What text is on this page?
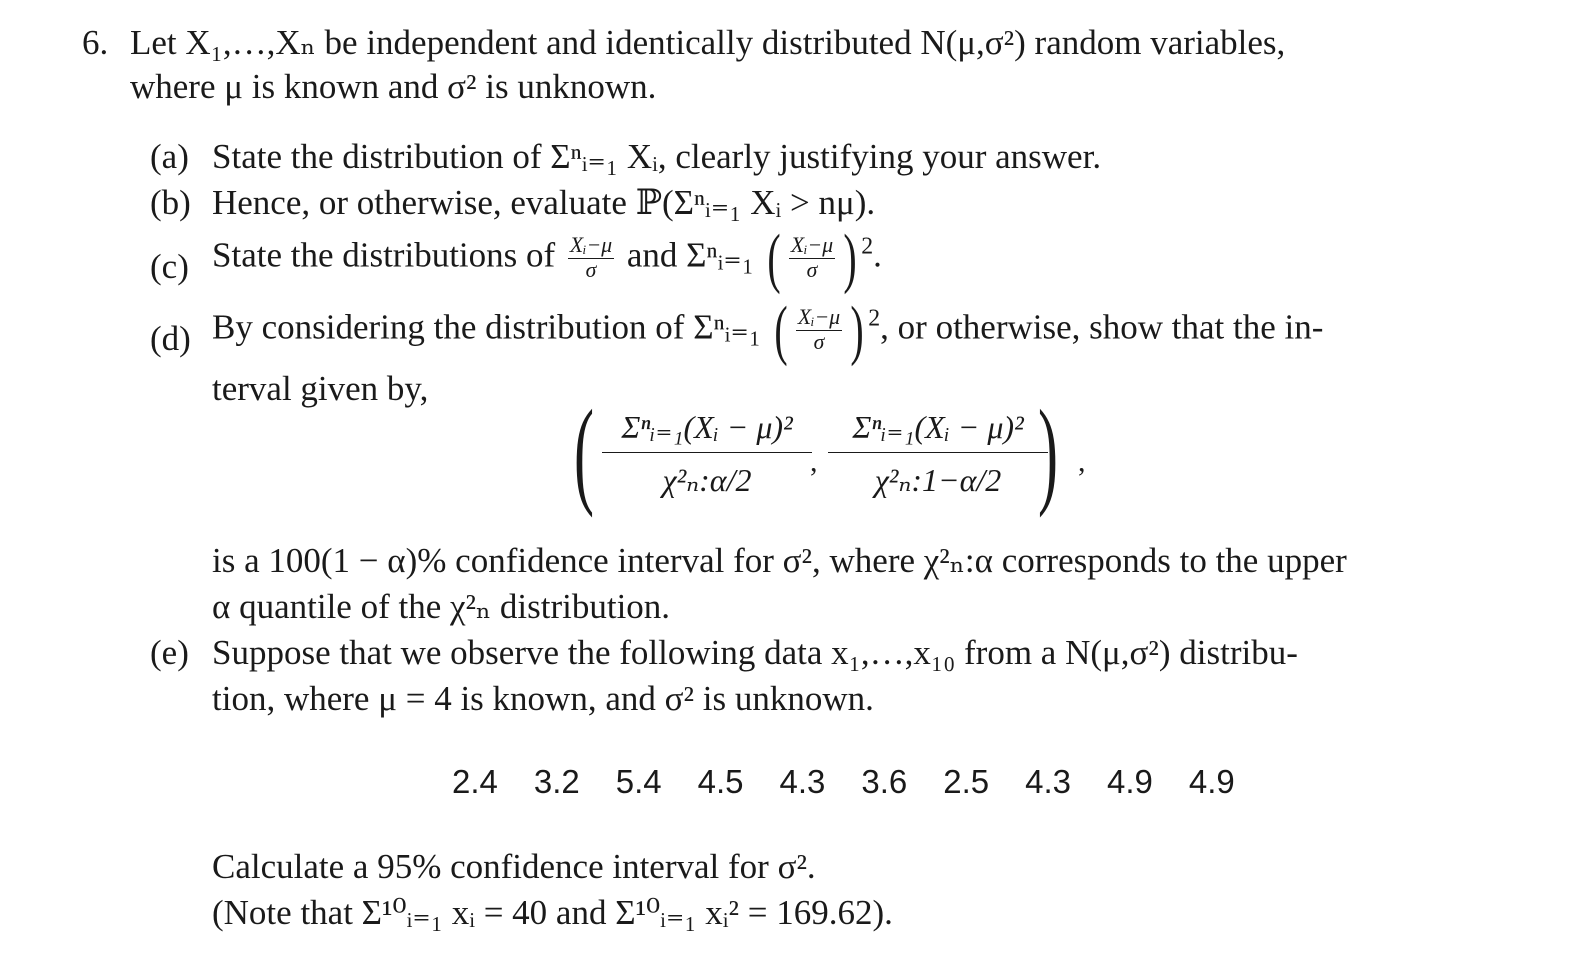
6. Let X₁,…,Xₙ be independent and identically distributed N(μ,σ²) random variables,
where μ is known and σ² is unknown.
(a) State the distribution of Σⁿᵢ₌₁ Xᵢ, clearly justifying your answer.
(b) Hence, or otherwise, evaluate ℙ(Σⁿᵢ₌₁ Xᵢ > nμ).
(c) State the distributions of $\frac{\text{Xᵢ−μ}}{\sigma}$ and Σⁿᵢ₌₁ ( $\frac{\text{Xᵢ−μ}}{\sigma}$ ) $^2$.
(d) By considering the distribution of Σⁿᵢ₌₁ ( $\frac{\text{Xᵢ−μ}}{\sigma}$ ) $^2$, or otherwise, show that the in-
terval given by, ( Σⁿᵢ₌₁(Xᵢ − μ)²
χ²ₙ:α/2
,
Σⁿᵢ₌₁(Xᵢ − μ)²
χ²ₙ:1−α/2 ) ,
is a 100(1 − α)% confidence interval for σ², where χ²ₙ:α corresponds to the upper
α quantile of the χ²ₙ distribution.
(e) Suppose that we observe the following data x₁,…,x₁₀ from a N(μ,σ²) distribu-
tion, where μ = 4 is known, and σ² is unknown.
2.4 3.2 5.4 4.5 4.3 3.6 2.5 4.3 4.9 4.9
Calculate a 95% confidence interval for σ².
(Note that Σ¹⁰ᵢ₌₁ xᵢ = 40 and Σ¹⁰ᵢ₌₁ xᵢ² = 169.62).
